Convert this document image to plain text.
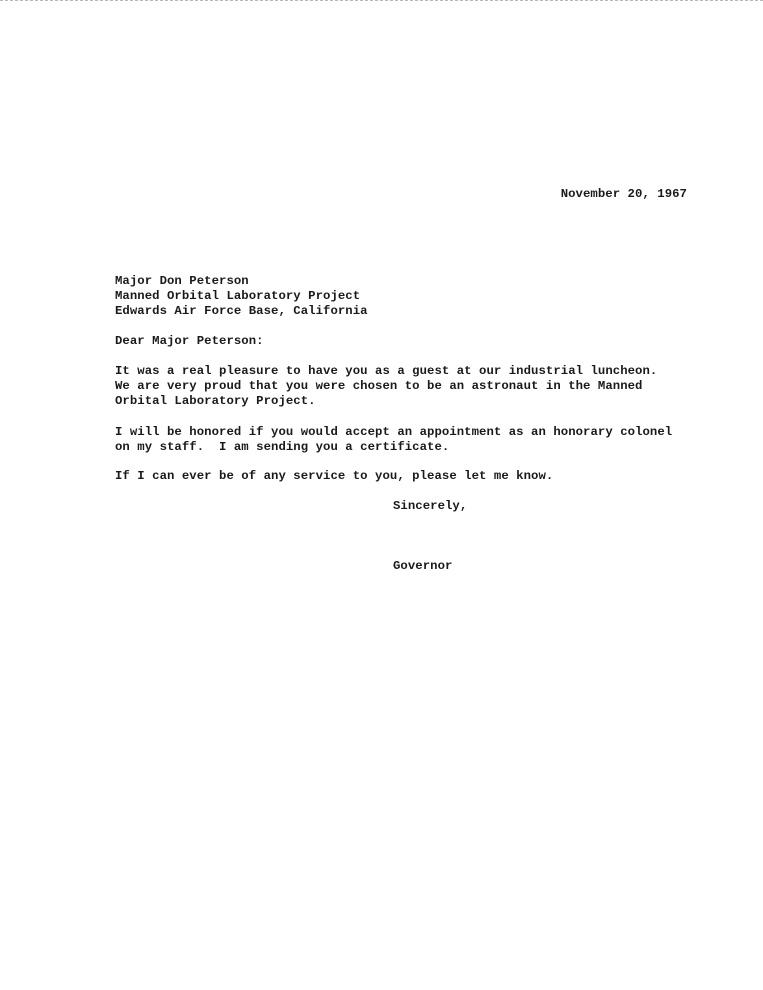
November 20, 1967
Major Don Peterson
Manned Orbital Laboratory Project
Edwards Air Force Base, California
Dear Major Peterson:
It was a real pleasure to have you as a guest at our industrial luncheon.
We are very proud that you were chosen to be an astronaut in the Manned
Orbital Laboratory Project.
I will be honored if you would accept an appointment as an honorary colonel
on my staff.  I am sending you a certificate.
If I can ever be of any service to you, please let me know.
Sincerely,
Governor
